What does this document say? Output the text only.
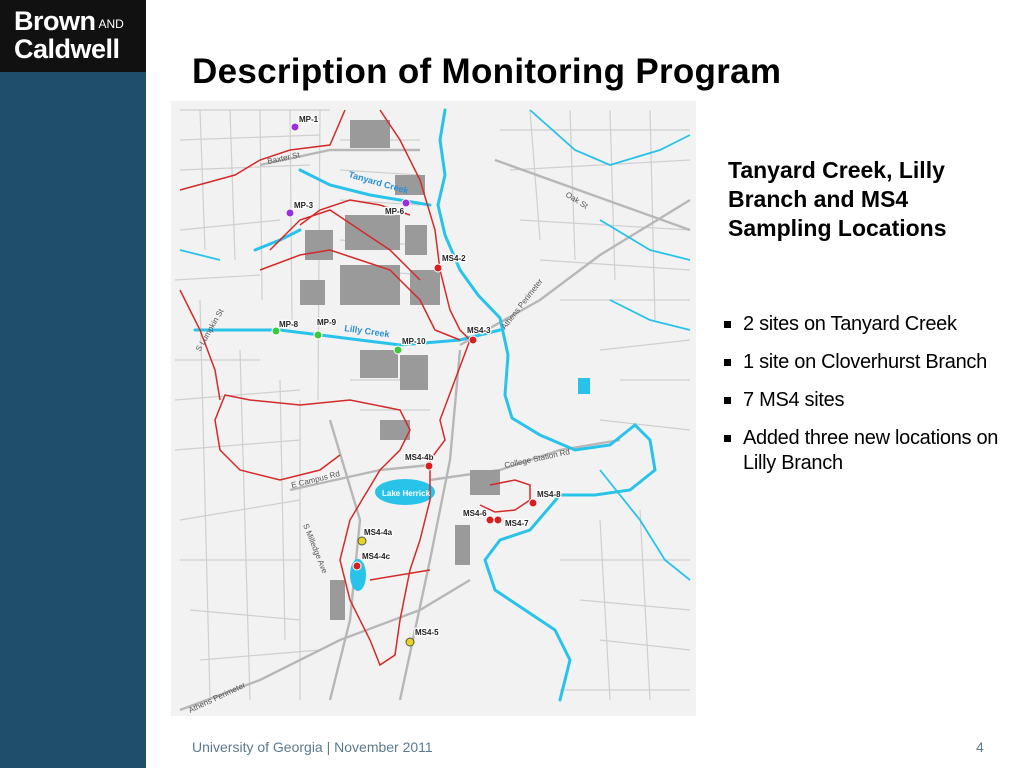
Brown AND
Caldwell
Description of Monitoring Program
Baxter St
S Lumpkin St
Oak St
Athens Perimeter
College Station Rd
E Campus Rd
S Milledge Ave
Athens Perimeter
Tanyard Creek
Lilly Creek
Lake Herrick
MP-1
MP-3
MP-6
MP-8 MP-9
MP-10
MS4-2
MS4-3
MS4-4b
MS4-4a
MS4-4c
MS4-5
MS4-6
MS4-7
MS4-8
Tanyard Creek, Lilly Branch and MS4 Sampling Locations
2 sites on Tanyard Creek
1 site on Cloverhurst Branch
7 MS4 sites
Added three new locations on Lilly Branch
University of Georgia | November 2011	4
